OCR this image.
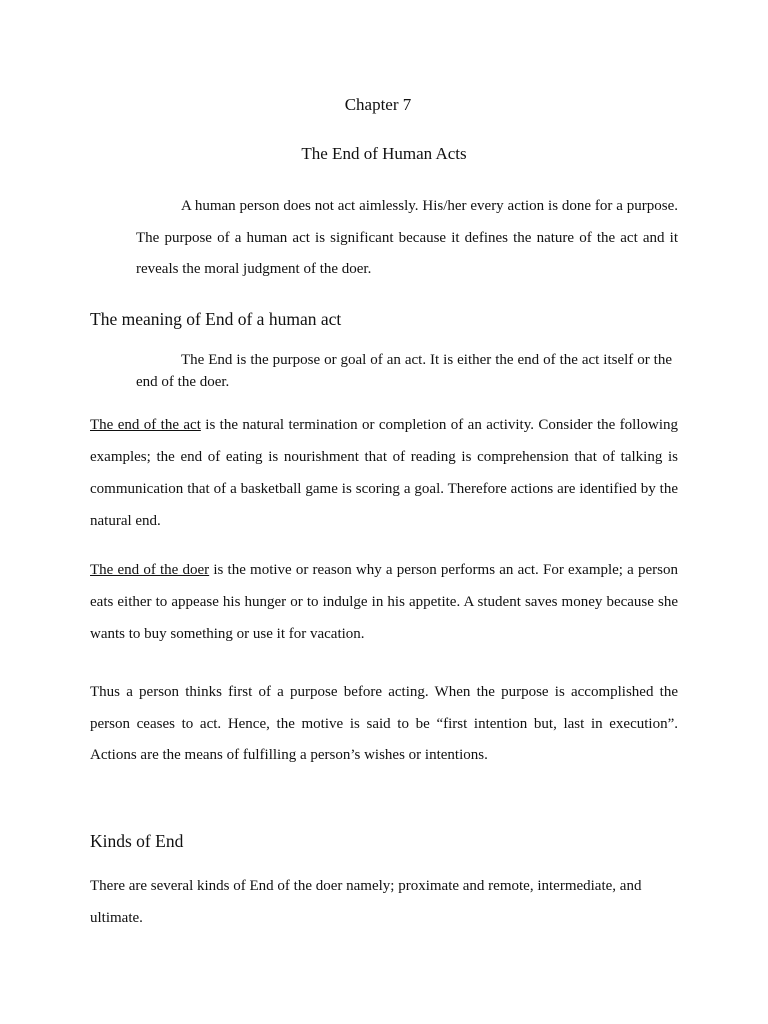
Chapter 7
The End of Human Acts

A human person does not act aimlessly. His/her every action is done for a purpose. The purpose of a human act is significant because it defines the nature of the act and it reveals the moral judgment of the doer.

The meaning of End of a human act

The End is the purpose or goal of an act. It is either the end of the act itself or the end of the doer.

The end of the act is the natural termination or completion of an activity. Consider the following examples; the end of eating is nourishment that of reading is comprehension that of talking is communication that of a basketball game is scoring a goal. Therefore actions are identified by the natural end.

The end of the doer is the motive or reason why a person performs an act. For example; a person eats either to appease his hunger or to indulge in his appetite. A student saves money because she wants to buy something or use it for vacation.

Thus a person thinks first of a purpose before acting. When the purpose is accomplished the person ceases to act. Hence, the motive is said to be “first intention but, last in execution”. Actions are the means of fulfilling a person’s wishes or intentions.

Kinds of End

There are several kinds of End of the doer namely; proximate and remote, intermediate, and ultimate.
